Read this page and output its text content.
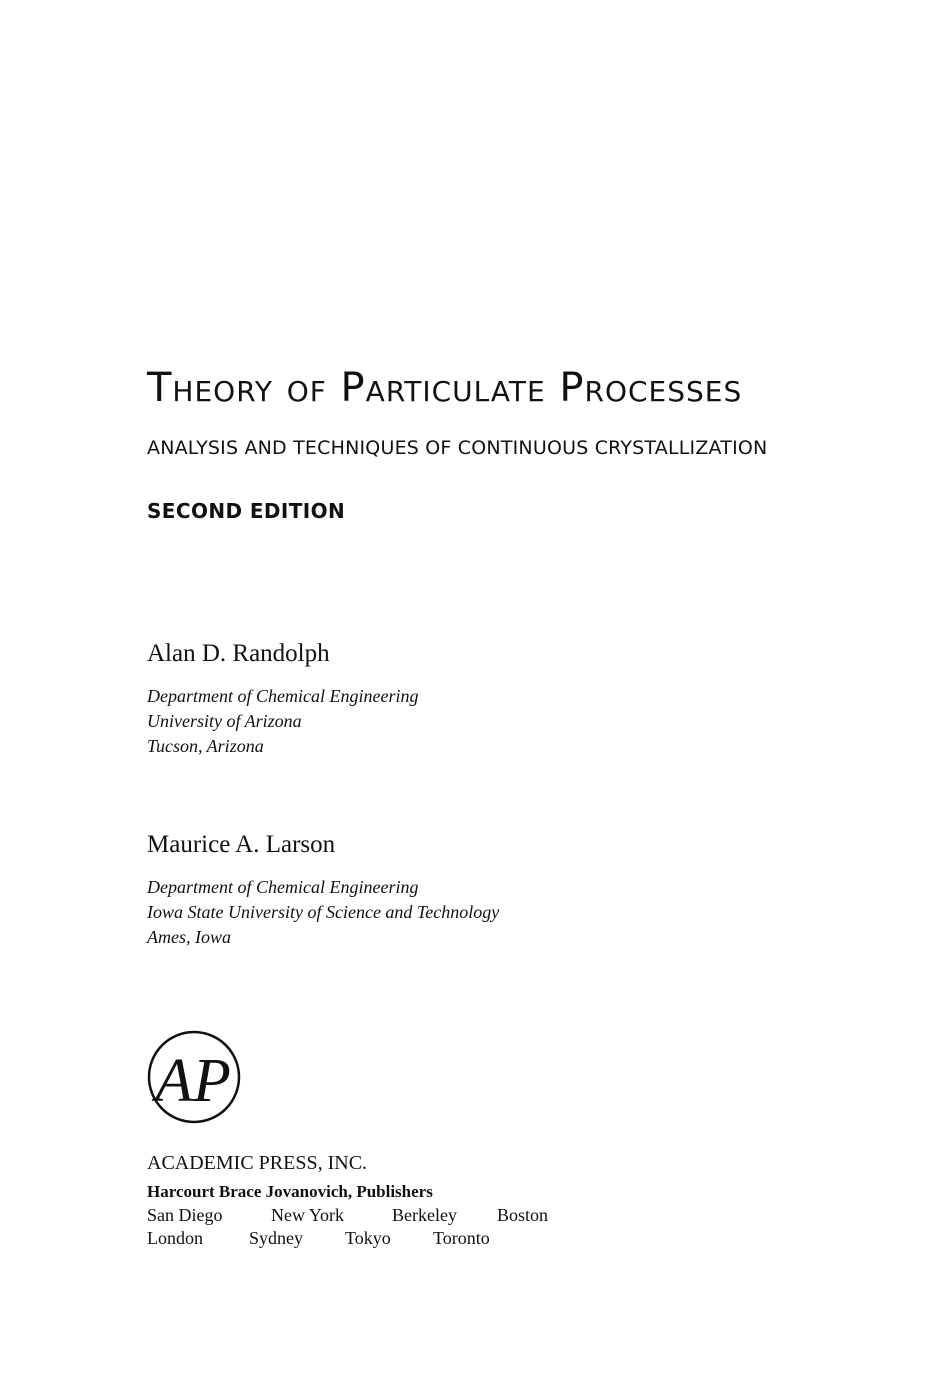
Theory of Particulate Processes
ANALYSIS AND TECHNIQUES OF CONTINUOUS CRYSTALLIZATION
SECOND EDITION
Alan D. Randolph
Department of Chemical Engineering
University of Arizona
Tucson, Arizona
Maurice A. Larson
Department of Chemical Engineering
Iowa State University of Science and Technology
Ames, Iowa
AP
ACADEMIC PRESS, INC.
Harcourt Brace Jovanovich, Publishers
San Diego	New York	Berkeley Boston
London	Sydney Tokyo Toronto
